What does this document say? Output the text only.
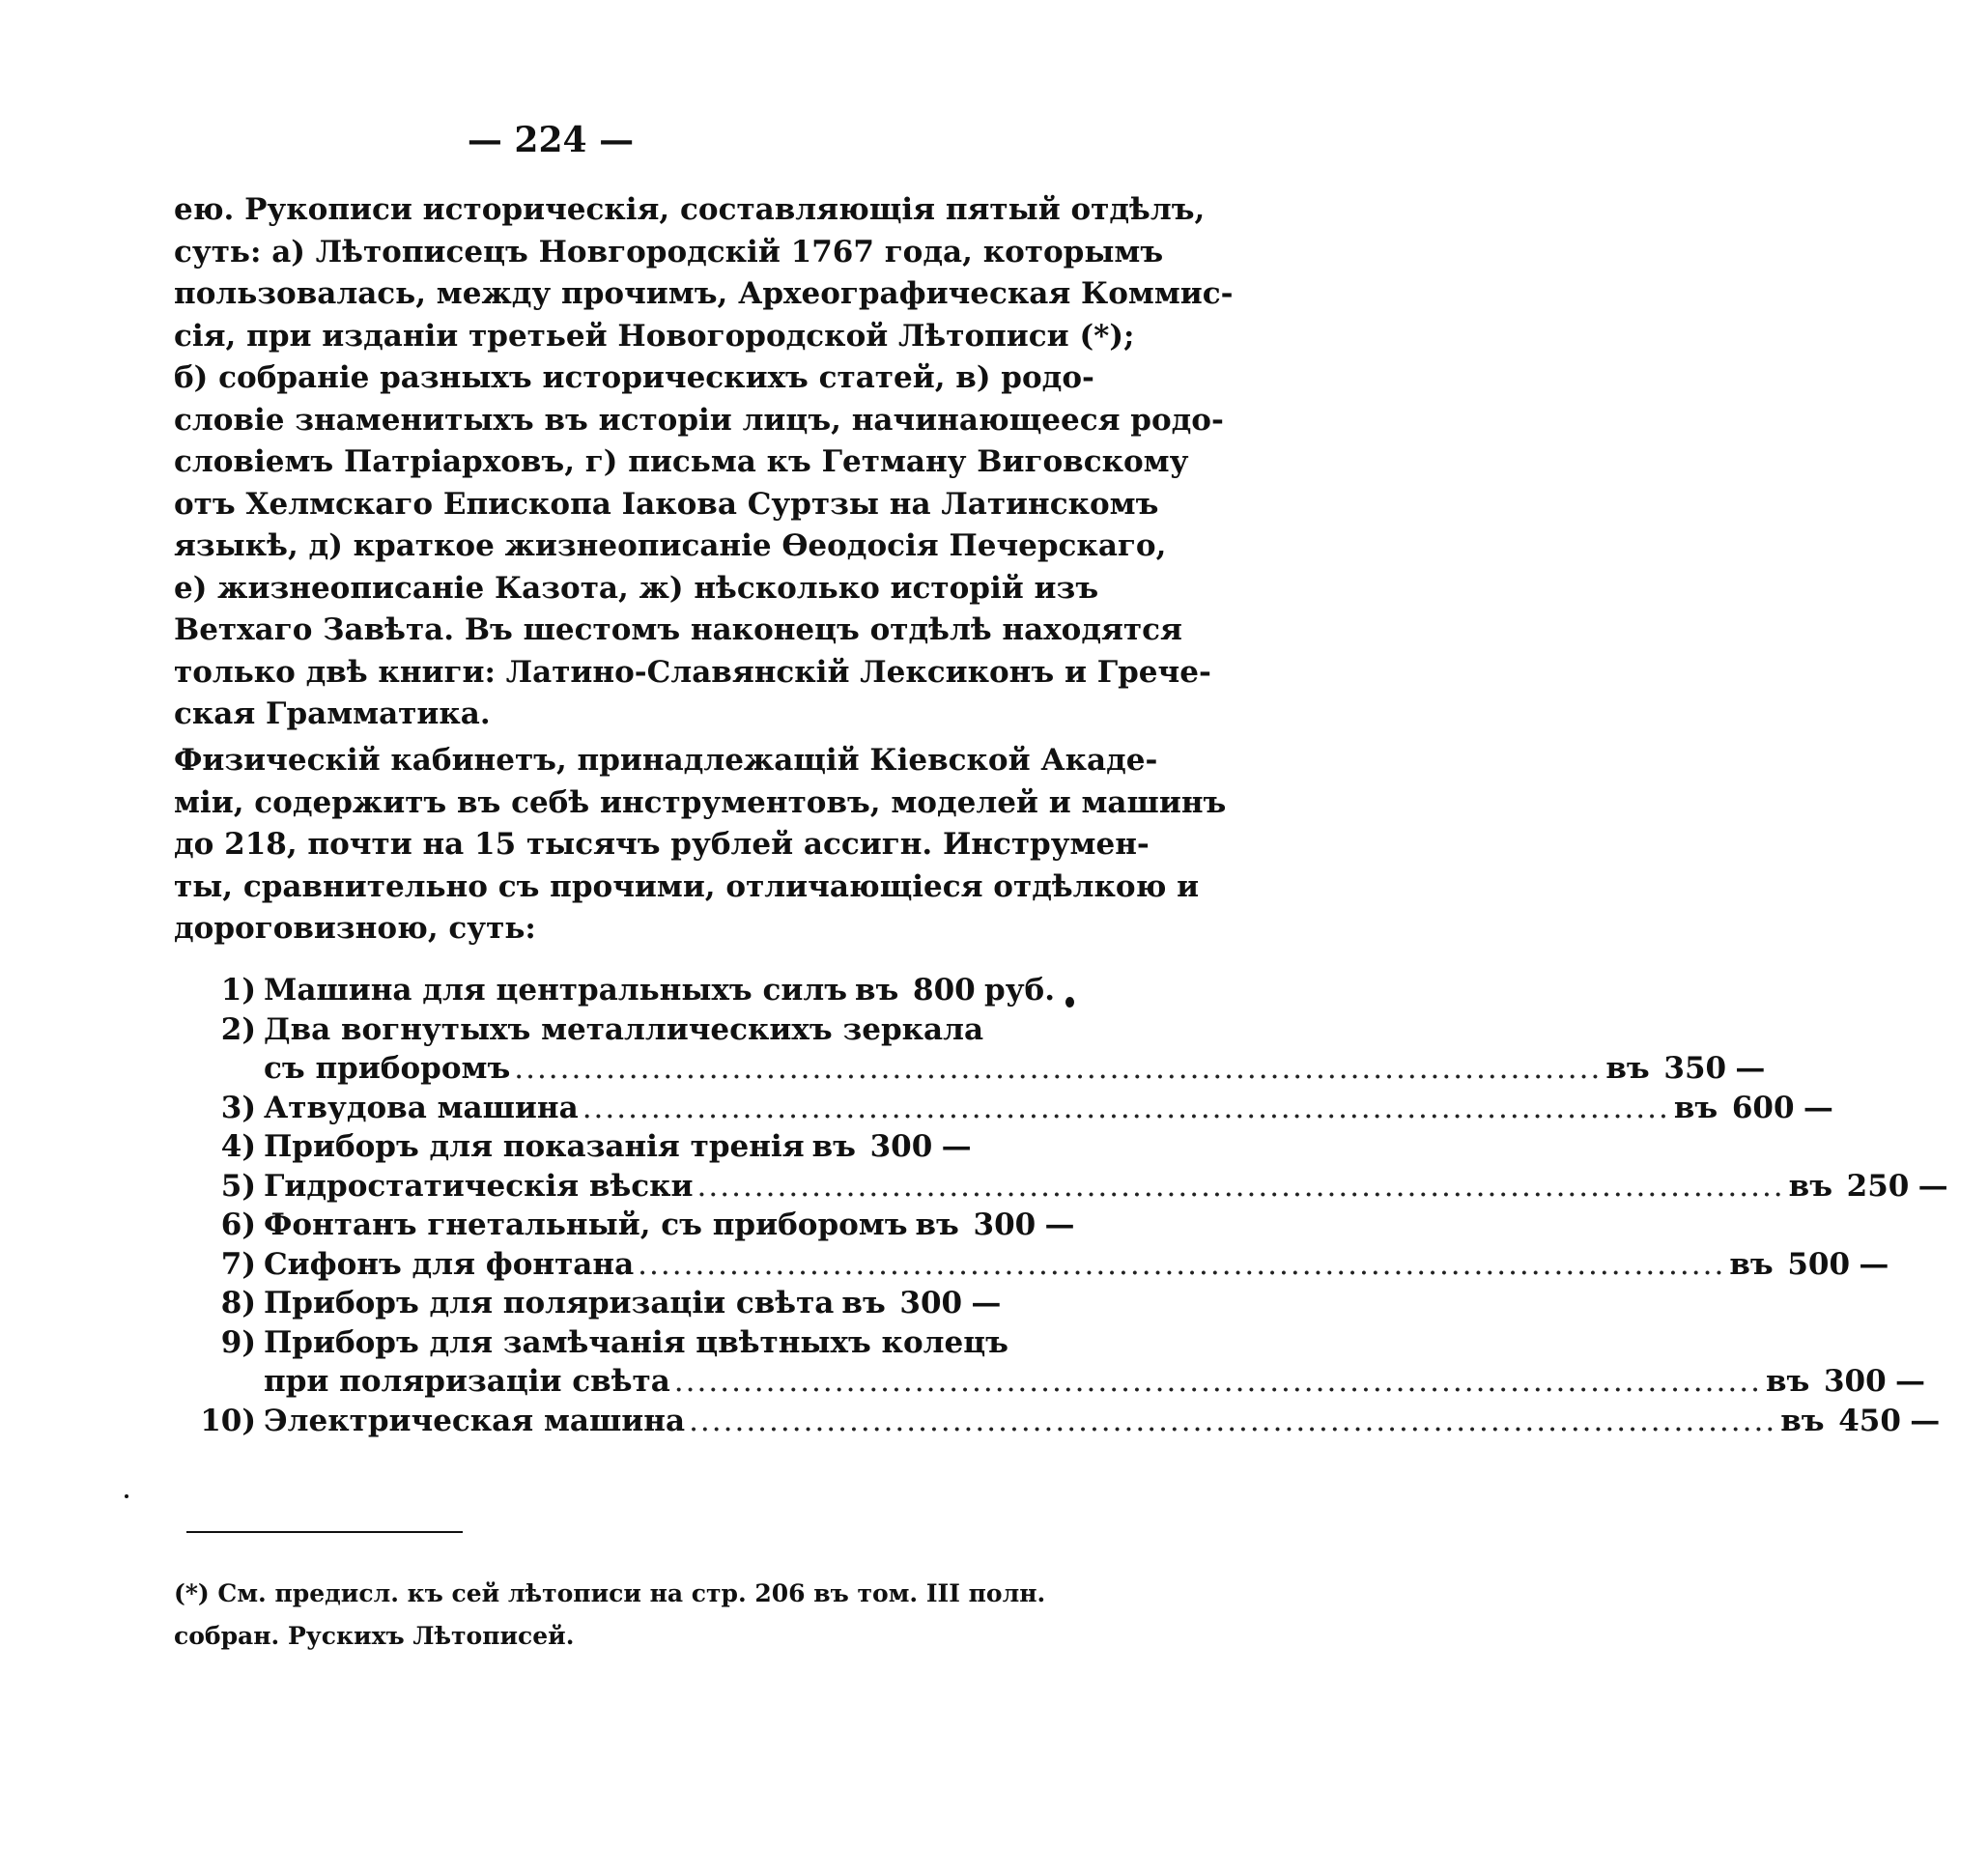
— 224 —
ею. Рукописи историческія, составляющія пятый отдѣлъ,
суть: а) Лѣтописецъ Новгородскій 1767 года, которымъ
пользовалась, между прочимъ, Археографическая Коммис-
сія, при изданіи третьей Новогородской Лѣтописи (*);
б) собраніе разныхъ историческихъ статей, в) родо-
словіе знаменитыхъ въ исторіи лицъ, начинающееся родо-
словіемъ Патріарховъ, г) письма къ Гетману Виговскому
отъ Хелмскаго Епископа Іакова Суртзы на Латинскомъ
языкѣ, д) краткое жизнеописаніе Ѳеодосія Печерскаго,
е) жизнеописаніе Казота, ж) нѣсколько исторій изъ
Ветхаго Завѣта. Въ шестомъ наконецъ отдѣлѣ находятся
только двѣ книги: Латино-Славянскій Лексиконъ и Грече-
ская Грамматика.
Физическій кабинетъ, принадлежащій Кіевской Акаде-
міи, содержитъ въ себѣ инструментовъ, моделей и машинъ
до 218, почти на 15 тысячъ рублей ассигн. Инструмен-
ты, сравнительно съ прочими, отличающіеся отдѣлкою и
дороговизною, суть:
1) Машина для центральныхъ силъ въ 800 руб.
2) Два вогнутыхъ металлическихъ зеркала
съ приборомъ .....	въ 350 —
3) Атвудова машина .....	въ 600 —
4) Приборъ для показанія тренія въ 300 —
5) Гидростатическія вѣски .....	въ 250 —
6) Фонтанъ гнетальный, съ приборомъ въ 300 —
7) Сифонъ для фонтана .....	въ 500 —
8) Приборъ для поляризаціи свѣта въ 300 —
9) Приборъ для замѣчанія цвѣтныхъ колецъ
при поляризаціи свѣта .....	въ 300 —
10) Электрическая машина .....	въ 450 —
(*) См. предисл. къ сей лѣтописи на стр. 206 въ том. III полн.
собран. Рускихъ Лѣтописей.
